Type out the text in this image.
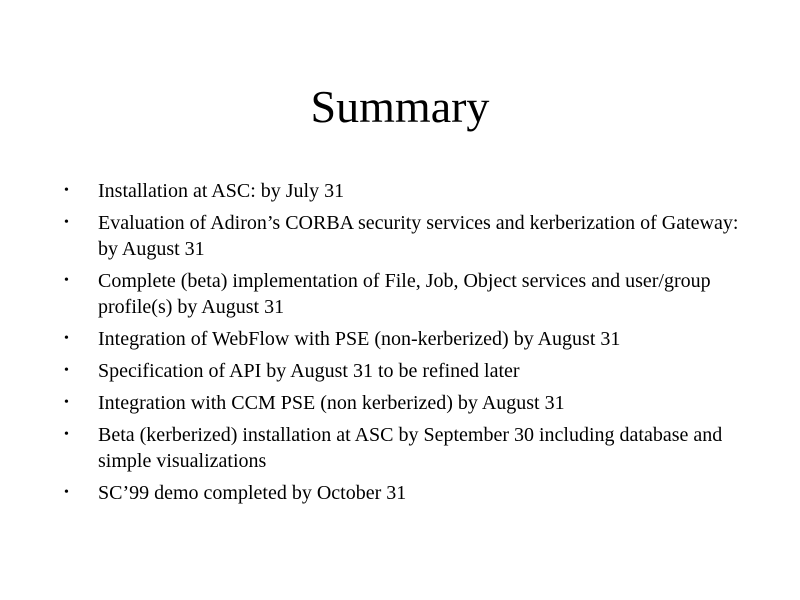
Summary
• Installation at ASC: by July 31
• Evaluation of Adiron’s CORBA security services and kerberization of Gateway: by August 31
• Complete (beta) implementation of File, Job, Object services and user/group profile(s) by August 31
• Integration of WebFlow with PSE (non-kerberized) by August 31
• Specification of API by August 31 to be refined later
• Integration with CCM PSE (non kerberized) by August 31
• Beta (kerberized) installation at ASC by September 30 including database and simple visualizations
• SC’99 demo completed by October 31
